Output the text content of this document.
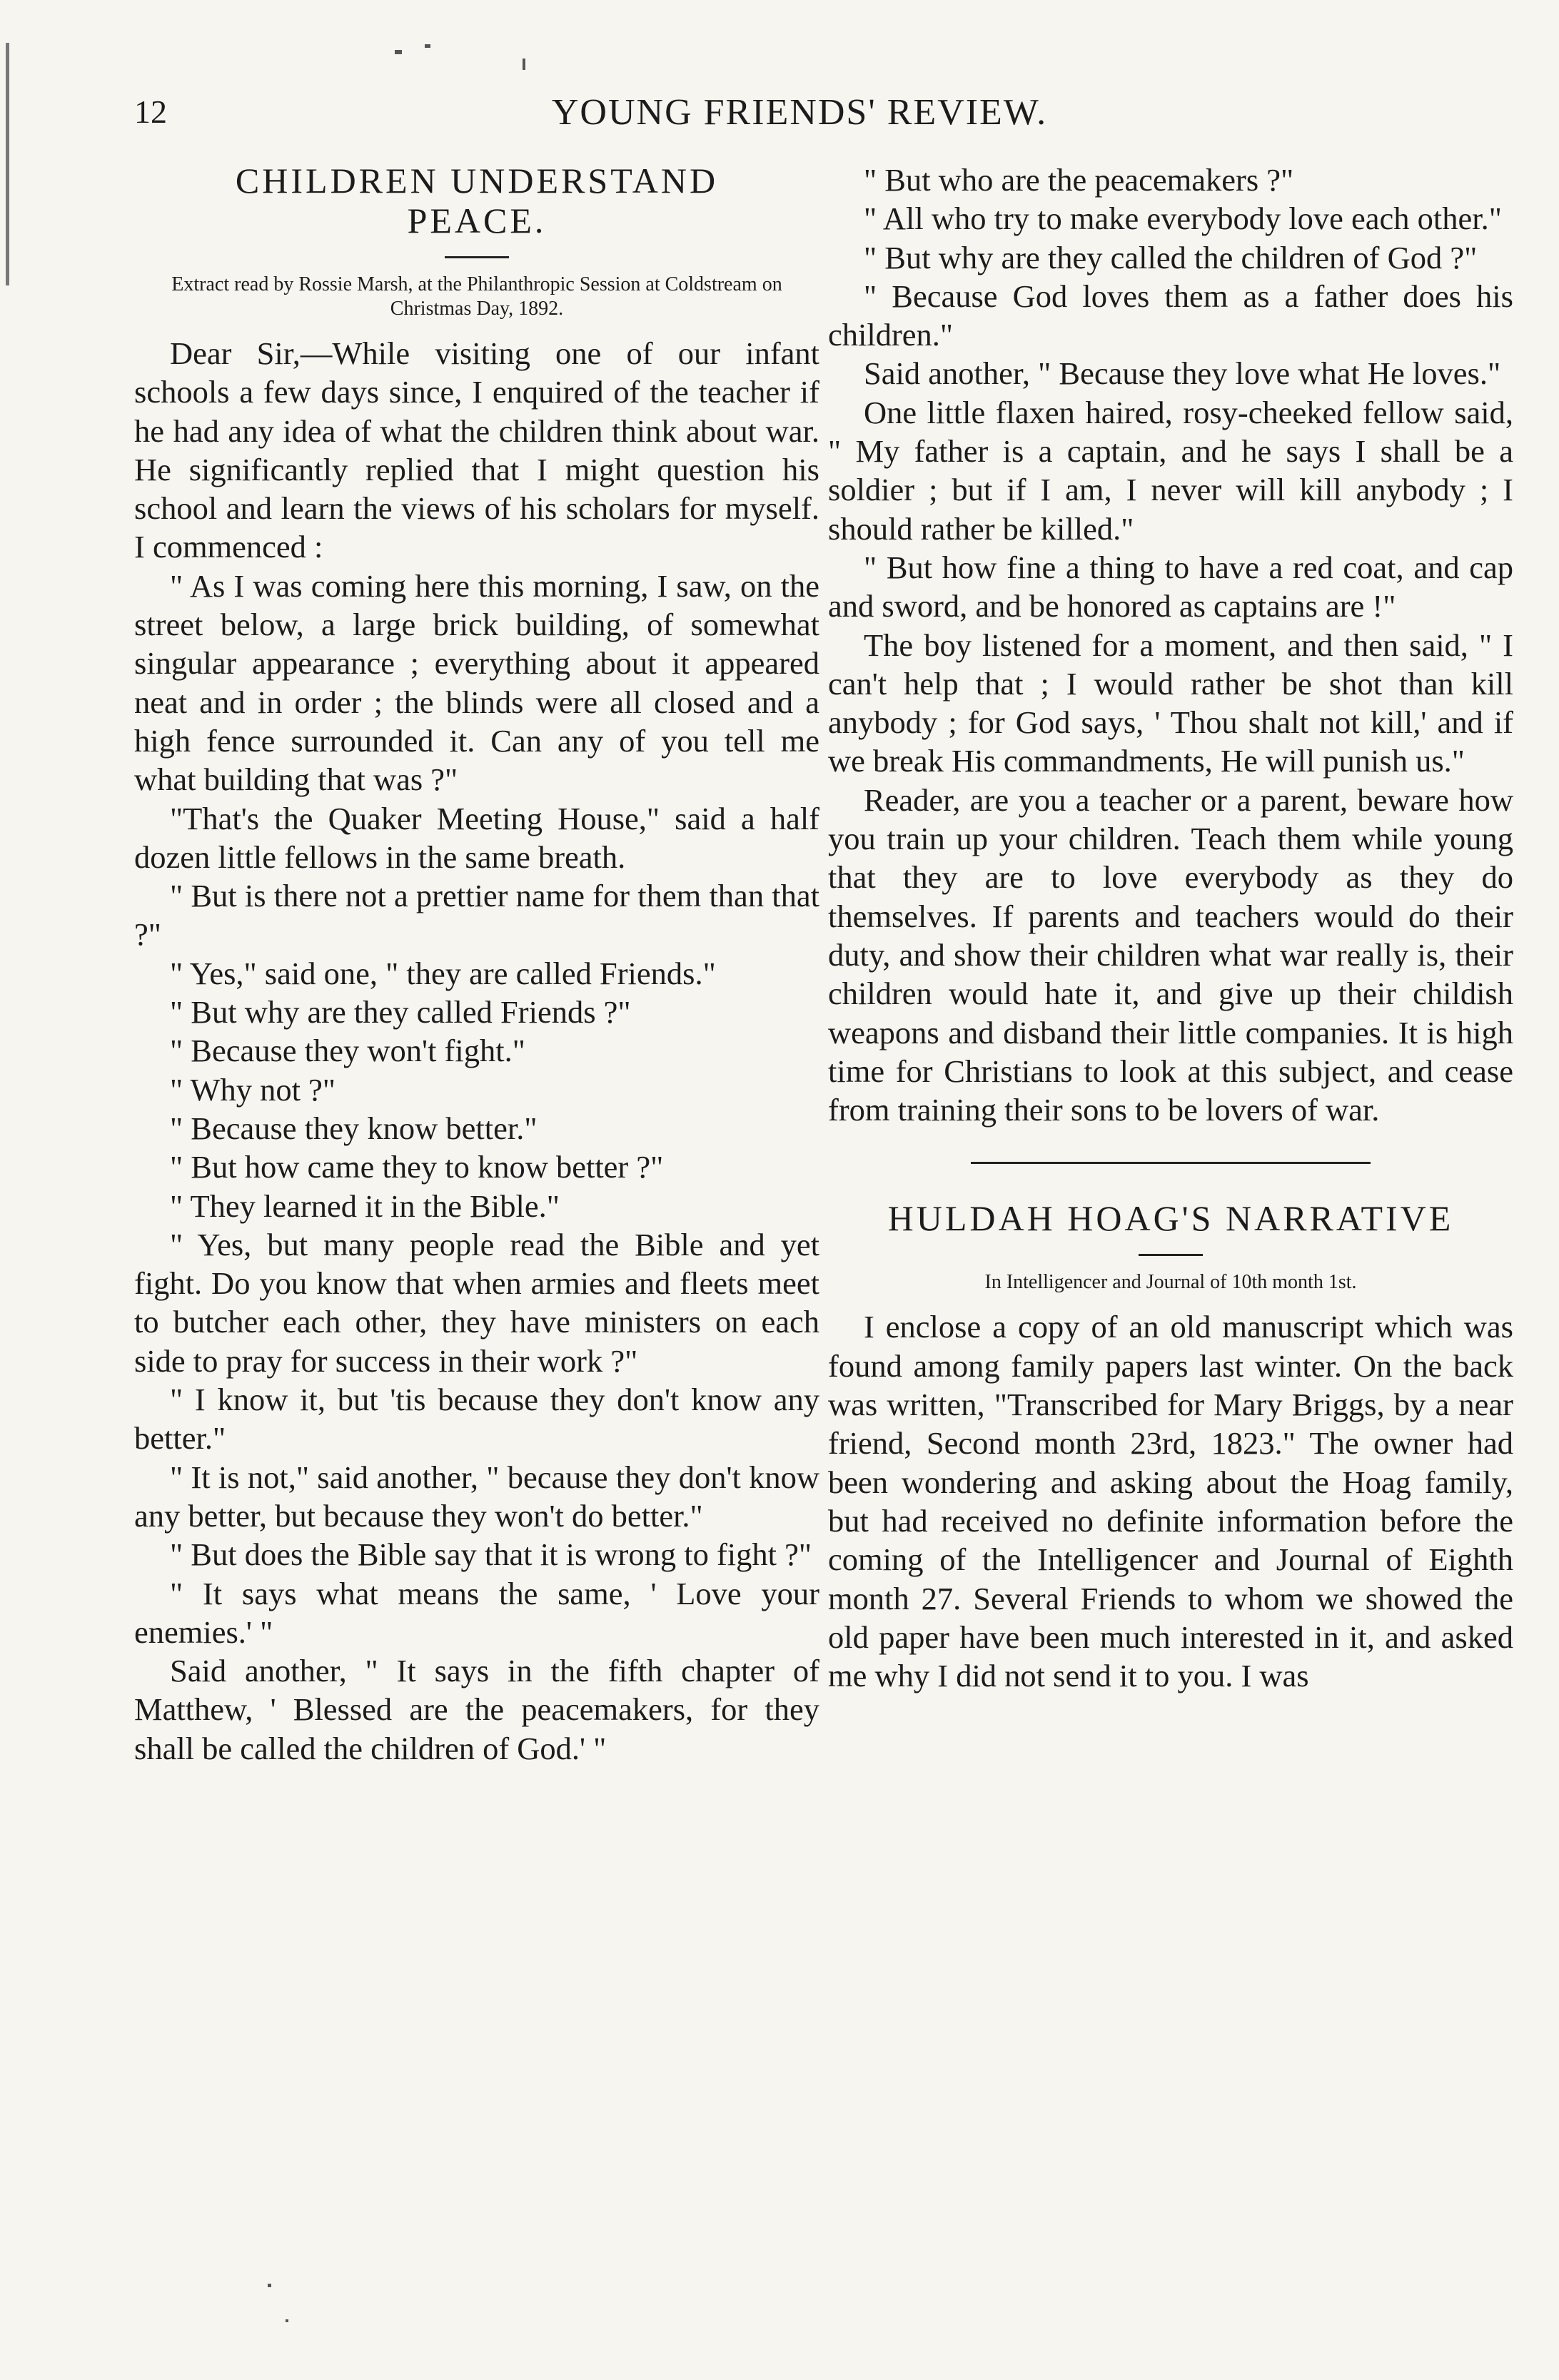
12	YOUNG FRIENDS' REVIEW.
CHILDREN UNDERSTAND
PEACE.

Extract read by Rossie Marsh, at the Philanthropic Session at Coldstream on Christmas Day, 1892.

Dear Sir,—While visiting one of our infant schools a few days since, I enquired of the teacher if he had any idea of what the children think about war. He significantly replied that I might question his school and learn the views of his scholars for myself. I commenced :

" As I was coming here this morning, I saw, on the street below, a large brick building, of somewhat singular appearance ; everything about it appeared neat and in order ; the blinds were all closed and a high fence surrounded it. Can any of you tell me what building that was ?"

"That's the Quaker Meeting House," said a half dozen little fellows in the same breath.

" But is there not a prettier name for them than that ?"

" Yes," said one, " they are called Friends."

" But why are they called Friends ?"

" Because they won't fight."

" Why not ?"

" Because they know better."

" But how came they to know better ?"

" They learned it in the Bible."

" Yes, but many people read the Bible and yet fight. Do you know that when armies and fleets meet to butcher each other, they have ministers on each side to pray for success in their work ?"

" I know it, but 'tis because they don't know any better."

" It is not," said another, " because they don't know any better, but because they won't do better."

" But does the Bible say that it is wrong to fight ?"

" It says what means the same, ' Love your enemies.' "

Said another, " It says in the fifth chapter of Matthew, ' Blessed are the peacemakers, for they shall be called the children of God.' "

" But who are the peacemakers ?"

" All who try to make everybody love each other."

" But why are they called the children of God ?"

" Because God loves them as a father does his children."

Said another, " Because they love what He loves."

One little flaxen haired, rosy-cheeked fellow said, " My father is a captain, and he says I shall be a soldier ; but if I am, I never will kill anybody ; I should rather be killed."

" But how fine a thing to have a red coat, and cap and sword, and be honored as captains are !"

The boy listened for a moment, and then said, " I can't help that ; I would rather be shot than kill anybody ; for God says, ' Thou shalt not kill,' and if we break His commandments, He will punish us."

Reader, are you a teacher or a parent, beware how you train up your children. Teach them while young that they are to love everybody as they do themselves. If parents and teachers would do their duty, and show their children what war really is, their children would hate it, and give up their childish weapons and disband their little companies. It is high time for Christians to look at this subject, and cease from training their sons to be lovers of war.

HULDAH HOAG'S NARRATIVE

In Intelligencer and Journal of 10th month 1st.

I enclose a copy of an old manuscript which was found among family papers last winter. On the back was written, "Transcribed for Mary Briggs, by a near friend, Second month 23rd, 1823." The owner had been wondering and asking about the Hoag family, but had received no definite information before the coming of the Intelligencer and Journal of Eighth month 27. Several Friends to whom we showed the old paper have been much interested in it, and asked me why I did not send it to you. I was
